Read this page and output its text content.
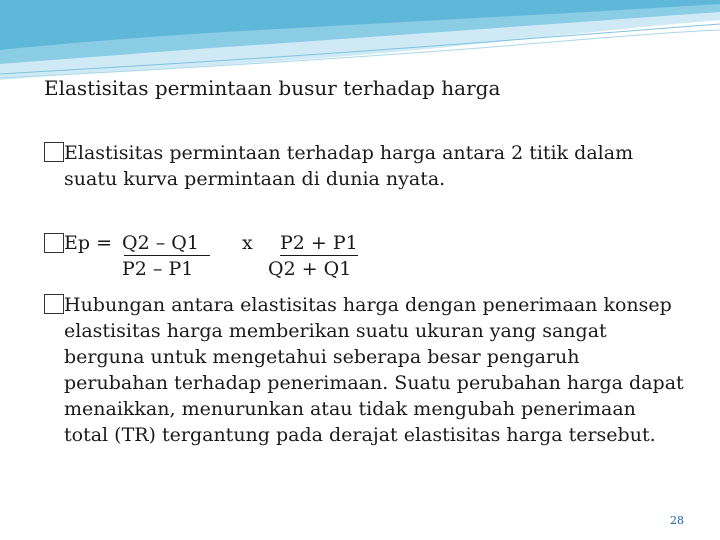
Elastisitas permintaan busur terhadap harga
Elastisitas permintaan terhadap harga antara 2 titik dalam suatu kurva permintaan di dunia nyata.
Ep = Q2 – Q1
P2 – P1
x	P2 + P1
Q2 + Q1
Hubungan antara elastisitas harga dengan penerimaan konsep elastisitas harga memberikan suatu ukuran yang sangat berguna untuk mengetahui seberapa besar pengaruh perubahan terhadap penerimaan. Suatu perubahan harga dapat menaikkan, menurunkan atau tidak mengubah penerimaan total (TR) tergantung pada derajat elastisitas harga tersebut.
28
